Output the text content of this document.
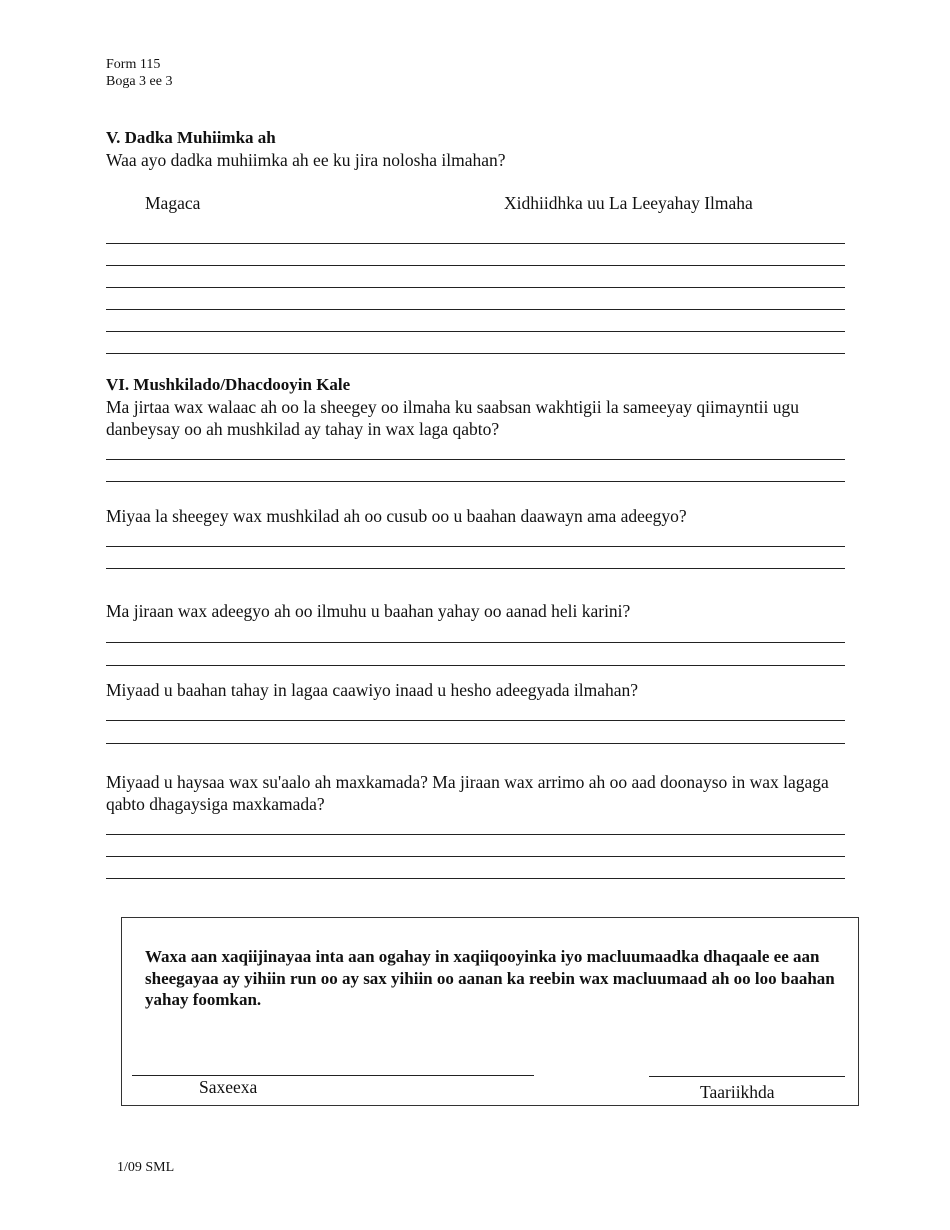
Form 115
Boga 3 ee 3
V. Dadka Muhiimka ah
Waa ayo dadka muhiimka ah ee ku jira nolosha ilmahan?
Magaca	Xidhiidhka uu La Leeyahay Ilmaha
VI. Mushkilado/Dhacdooyin Kale
Ma jirtaa wax walaac ah oo la sheegey oo ilmaha ku saabsan wakhtigii la sameeyay qiimayntii ugu danbeysay oo ah mushkilad ay tahay in wax laga qabto?
Miyaa la sheegey wax mushkilad ah oo cusub oo u baahan daawayn ama adeegyo?
Ma jiraan wax adeegyo ah oo ilmuhu u baahan yahay oo aanad heli karini?
Miyaad u baahan tahay in lagaa caawiyo inaad u hesho adeegyada ilmahan?
Miyaad u haysaa wax su'aalo ah maxkamada? Ma jiraan wax arrimo ah oo aad doonayso in wax lagaga qabto dhagaysiga maxkamada?
Waxa aan xaqiijinayaa inta aan ogahay in xaqiiqooyinka iyo macluumaadka dhaqaale ee aan sheegayaa ay yihiin run oo ay sax yihiin oo aanan ka reebin wax macluumaad ah oo loo baahan yahay foomkan.
Saxeexa	Taariikhda
1/09 SML
